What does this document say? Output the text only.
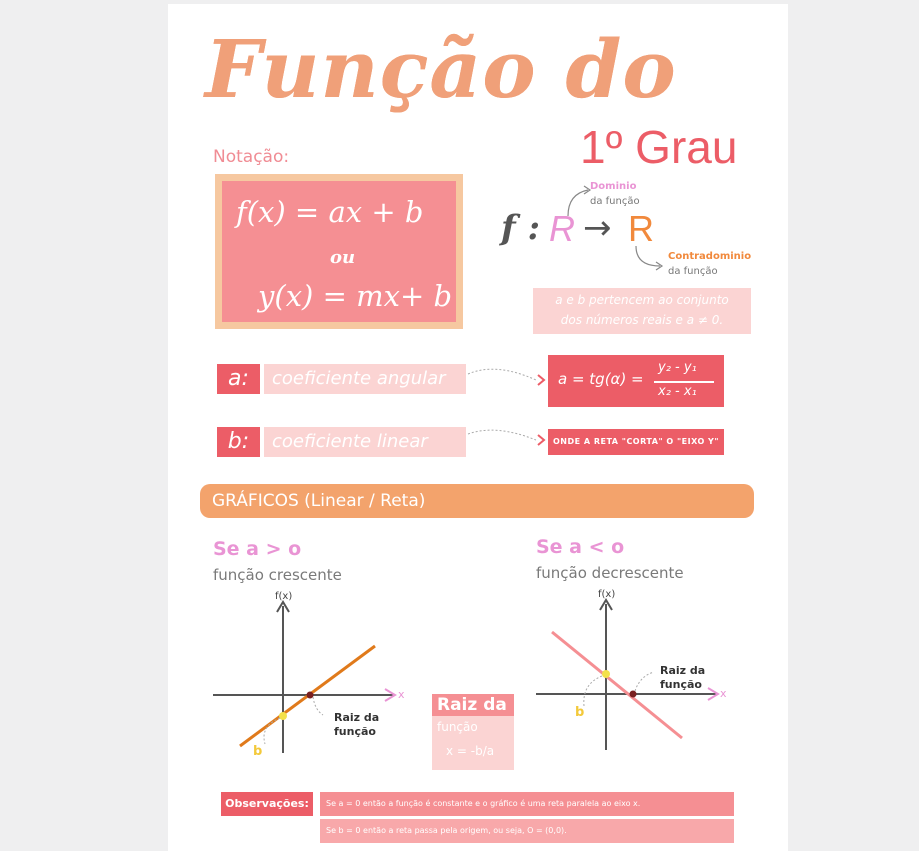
Função do
1º Grau
Notação:
f(x) = ax + b
ou
y(x) = mx+ b
f : R → R
Dominio
da função
Contradominio
da função
a e b pertencem ao conjunto
dos números reais e a ≠ 0.
a:	coeficiente angular	a = tg(α) =
y₂ - y₁
x₂ - x₁
b:	coeficiente linear	ONDE A RETA "CORTA" O "EIXO Y"
GRÁFICOS (Linear / Reta)
Se a > o
função crescente
f(x)
x
b
Raiz da
função	função
x = -b/a
Raiz da
Se a < o
função decrescente
f(x)
x
b
Raiz da
função
Observações:	Se a = 0 então a função é constante e o gráfico é uma reta paralela ao eixo x.
Se b = 0 então a reta passa pela origem, ou seja, O = (0,0).
